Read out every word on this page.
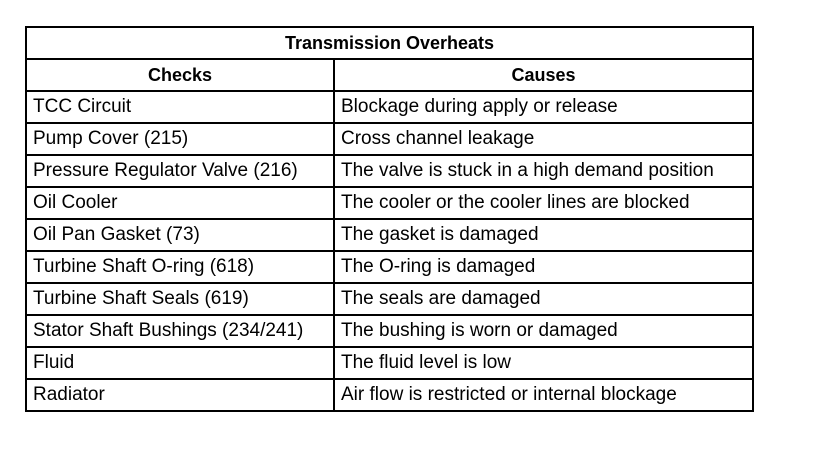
Transmission Overheats	
Checks	Causes
TCC Circuit	Blockage during apply or release
Pump Cover (215)	Cross channel leakage
Pressure Regulator Valve (216)	The valve is stuck in a high demand position
Oil Cooler	The cooler or the cooler lines are blocked
Oil Pan Gasket (73)	The gasket is damaged
Turbine Shaft O-ring (618)	The O-ring is damaged
Turbine Shaft Seals (619)	The seals are damaged
Stator Shaft Bushings (234/241)	The bushing is worn or damaged
Fluid	The fluid level is low
Radiator	Air flow is restricted or internal blockage
